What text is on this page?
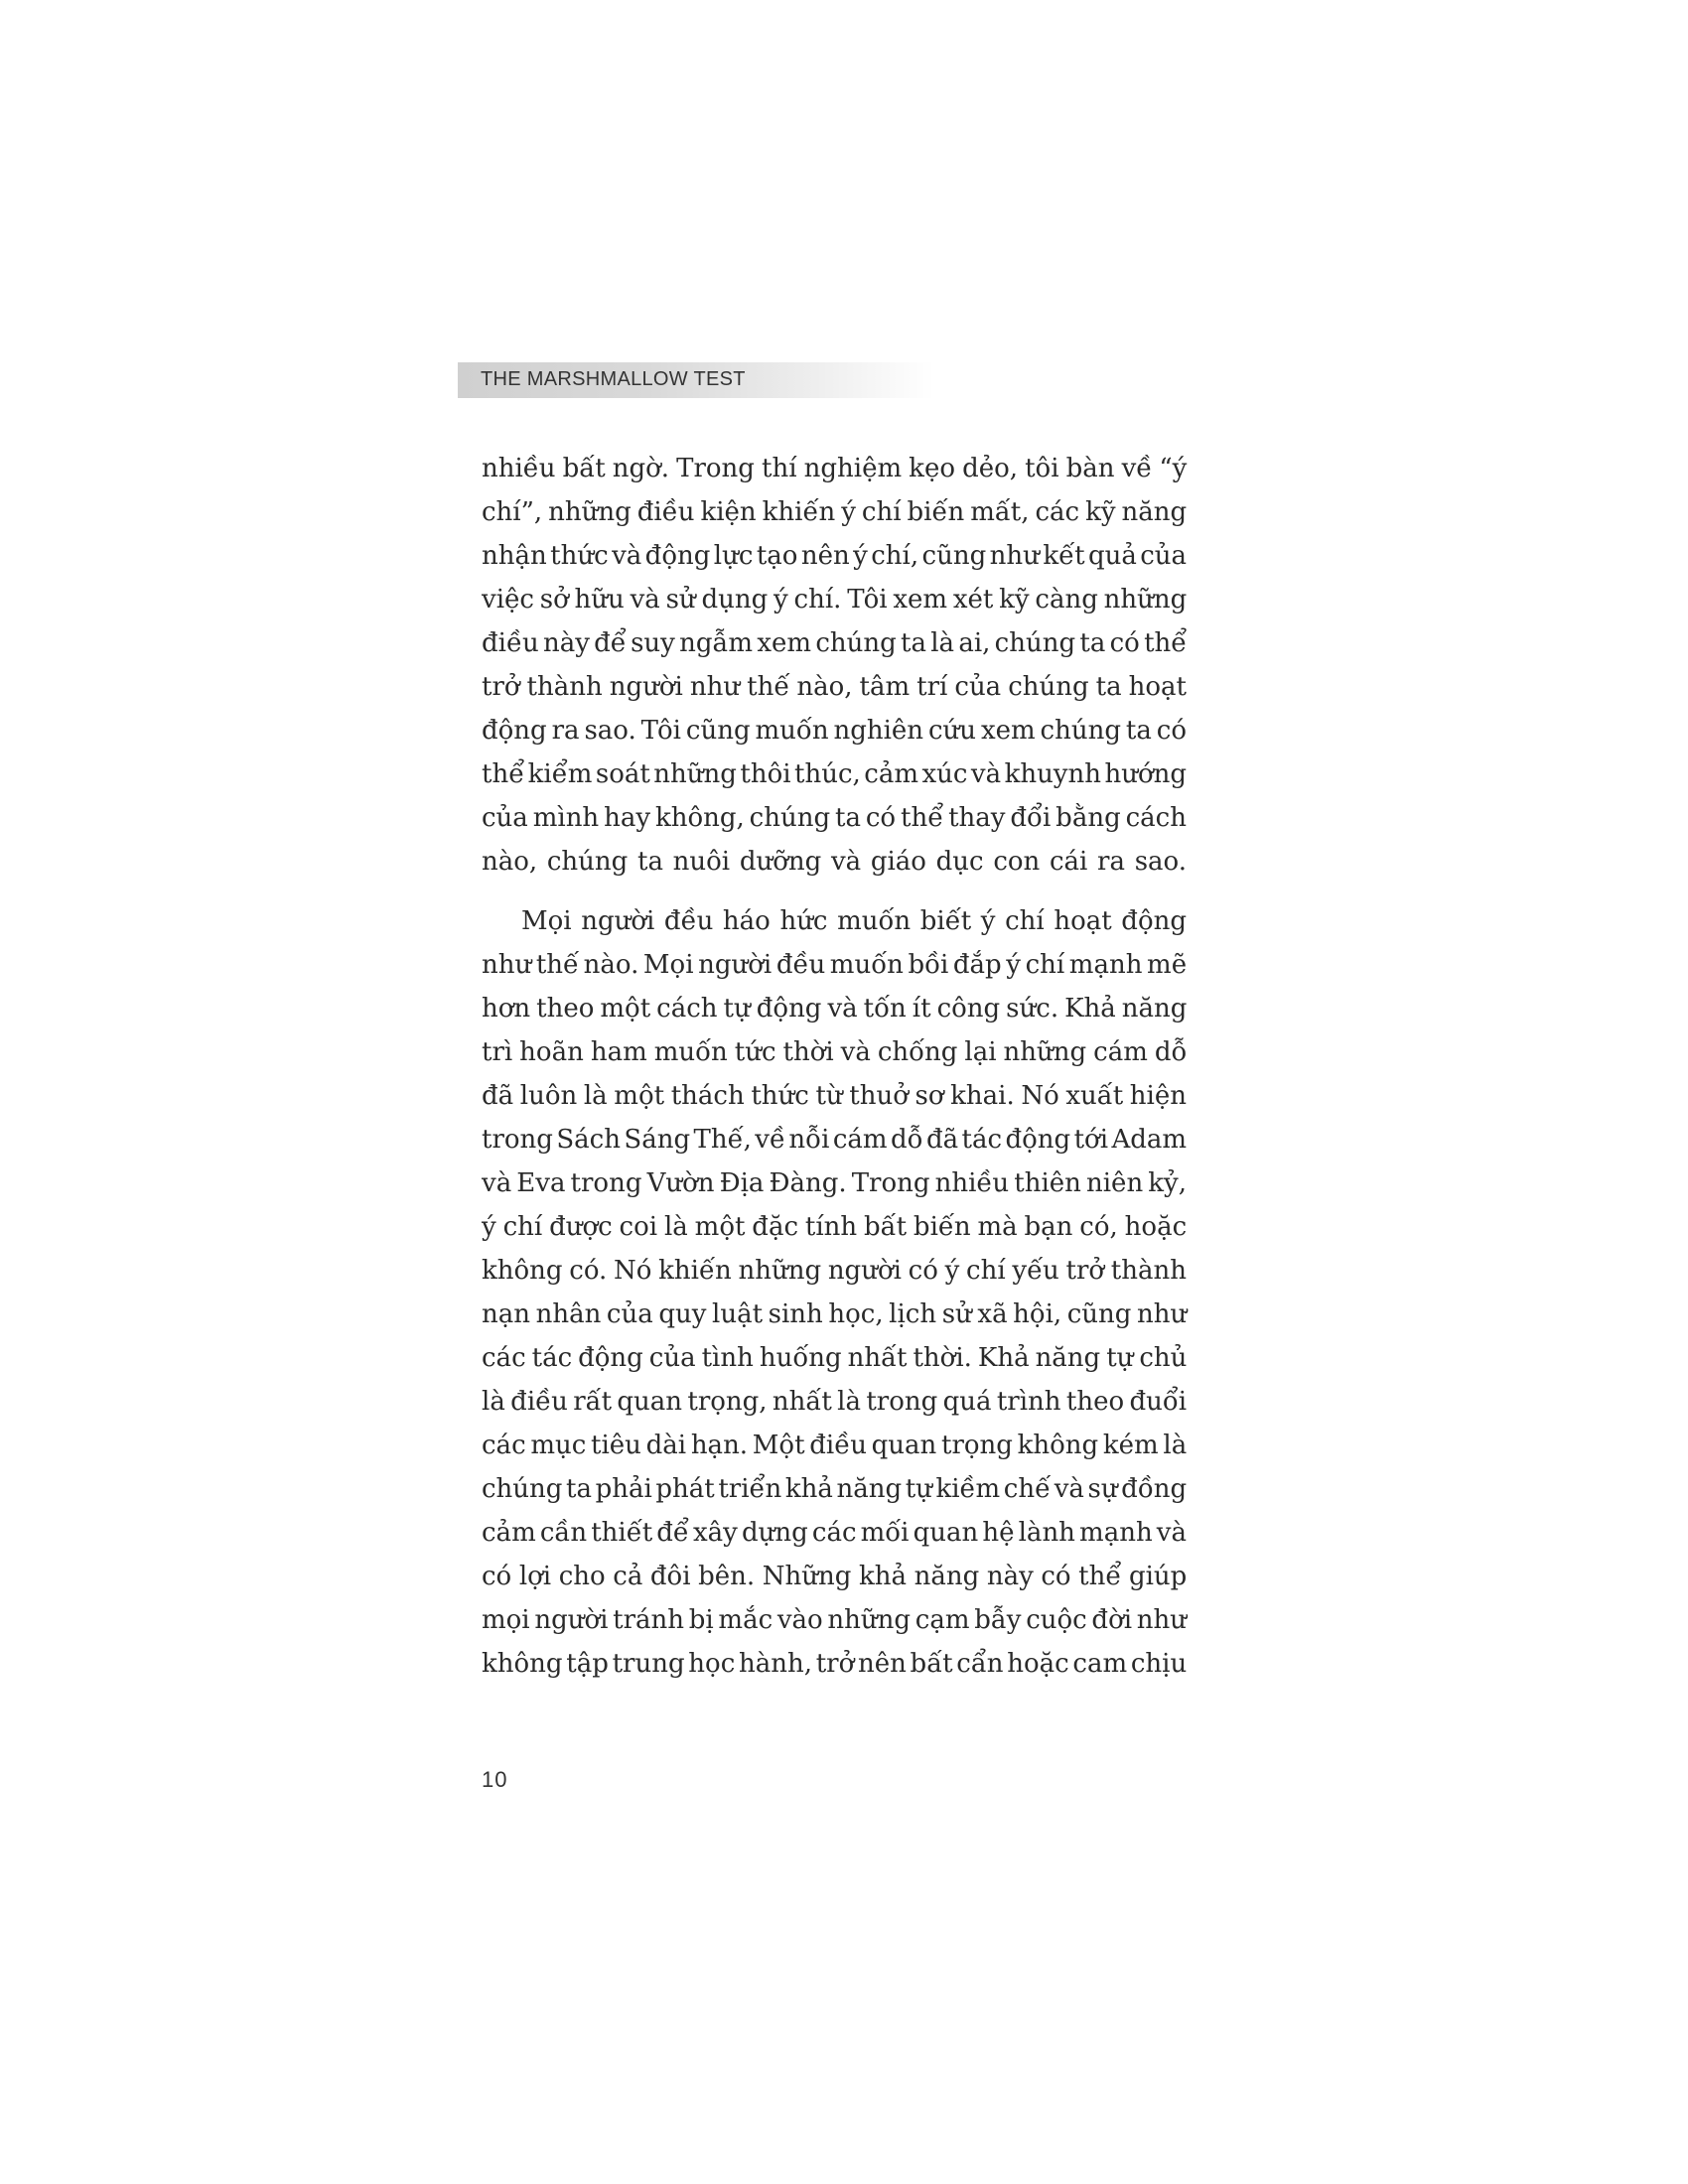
THE MARSHMALLOW TEST
nhiều bất ngờ. Trong thí nghiệm kẹo dẻo, tôi bàn về “ý
chí”, những điều kiện khiến ý chí biến mất, các kỹ năng
nhận thức và động lực tạo nên ý chí, cũng như kết quả của
việc sở hữu và sử dụng ý chí. Tôi xem xét kỹ càng những
điều này để suy ngẫm xem chúng ta là ai, chúng ta có thể
trở thành người như thế nào, tâm trí của chúng ta hoạt
động ra sao. Tôi cũng muốn nghiên cứu xem chúng ta có
thể kiểm soát những thôi thúc, cảm xúc và khuynh hướng
của mình hay không, chúng ta có thể thay đổi bằng cách
nào, chúng ta nuôi dưỡng và giáo dục con cái ra sao.
Mọi người đều háo hức muốn biết ý chí hoạt động
như thế nào. Mọi người đều muốn bồi đắp ý chí mạnh mẽ
hơn theo một cách tự động và tốn ít công sức. Khả năng
trì hoãn ham muốn tức thời và chống lại những cám dỗ
đã luôn là một thách thức từ thuở sơ khai. Nó xuất hiện
trong Sách Sáng Thế, về nỗi cám dỗ đã tác động tới Adam
và Eva trong Vườn Địa Đàng. Trong nhiều thiên niên kỷ,
ý chí được coi là một đặc tính bất biến mà bạn có, hoặc
không có. Nó khiến những người có ý chí yếu trở thành
nạn nhân của quy luật sinh học, lịch sử xã hội, cũng như
các tác động của tình huống nhất thời. Khả năng tự chủ
là điều rất quan trọng, nhất là trong quá trình theo đuổi
các mục tiêu dài hạn. Một điều quan trọng không kém là
chúng ta phải phát triển khả năng tự kiềm chế và sự đồng
cảm cần thiết để xây dựng các mối quan hệ lành mạnh và
có lợi cho cả đôi bên. Những khả năng này có thể giúp
mọi người tránh bị mắc vào những cạm bẫy cuộc đời như
không tập trung học hành, trở nên bất cẩn hoặc cam chịu
10
